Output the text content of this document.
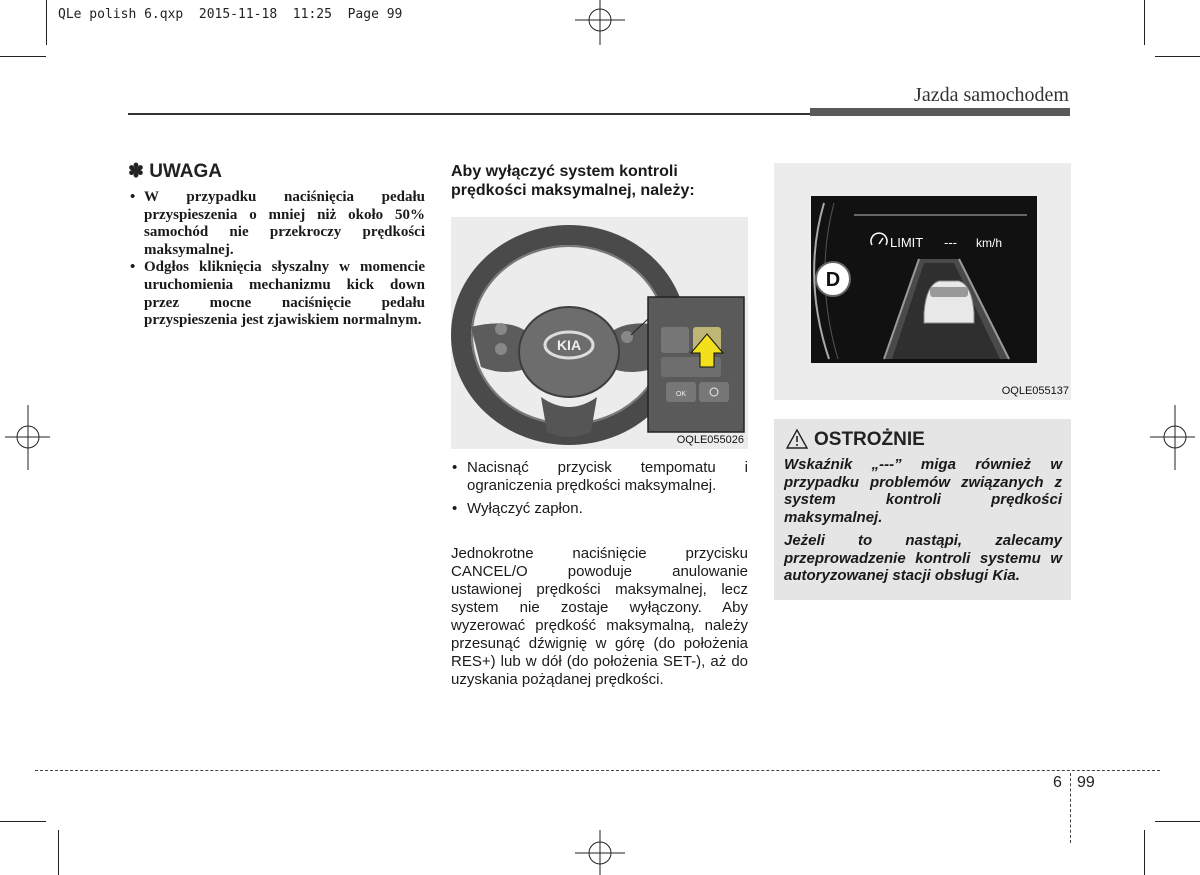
QLe polish 6.qxp  2015-11-18  11:25  Page 99
Jazda samochodem
✽ UWAGA
• W przypadku naciśnięcia pedału przyspieszenia o mniej niż około 50% samochód nie przekroczy prędkości maksymalnej.
• Odgłos kliknięcia słyszalny w momencie uruchomienia mechanizmu kick down przez mocne naciśnięcie pedału przyspieszenia jest zjawiskiem normalnym.
Aby wyłączyć system kontroli prędkości maksymalnej, należy:
KIA
OK
OQLE055026
• Nacisnąć przycisk tempomatu i ograniczenia prędkości maksymalnej.
• Wyłączyć zapłon.
Jednokrotne naciśnięcie przycisku CANCEL/O powoduje anulowanie ustawionej prędkości maksymalnej, lecz system nie zostaje wyłączony. Aby wyzerować prędkość maksymalną, należy przesunąć dźwignię w górę (do położenia RES+) lub w dół (do położenia SET-), aż do uzyskania pożądanej prędkości.
D
LIMIT --- km/h
OQLE055137
OSTROŻNIE

Wskaźnik „---” miga również w przypadku problemów związanych z system kontroli prędkości maksymalnej.

Jeżeli to nastąpi, zalecamy przeprowadzenie kontroli systemu w autoryzowanej stacji obsługi Kia.

6 99
